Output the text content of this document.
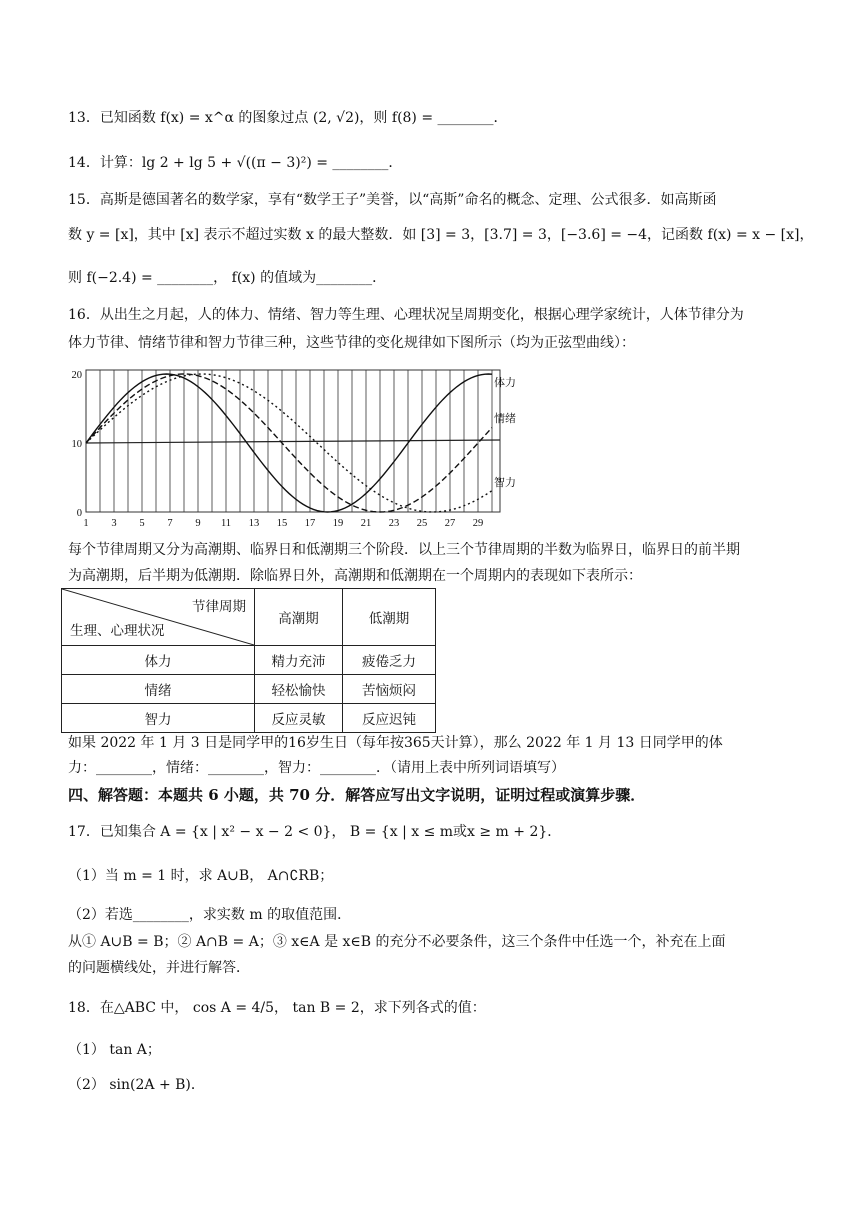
13．已知函数 f(x) = x^α 的图象过点 (2, √2)，则 f(8) = ________．
14．计算：lg 2 + lg 5 + √((π − 3)²) = ________．
15．高斯是德国著名的数学家，享有“数学王子”美誉，以“高斯”命名的概念、定理、公式很多．如高斯函
数 y = [x]，其中 [x] 表示不超过实数 x 的最大整数．如 [3] = 3，[3.7] = 3，[−3.6] = −4，记函数 f(x) = x − [x]，
则 f(−2.4) = ________， f(x) 的值域为________．
16．从出生之月起，人的体力、情绪、智力等生理、心理状况呈周期变化，根据心理学家统计，人体节律分为
体力节律、情绪节律和智力节律三种，这些节律的变化规律如下图所示（均为正弦型曲线）：
1 3 5 7 9 11 13 15 17 19 21 23 25 27 29
0
10
20
体力
情绪
智力
每个节律周期又分为高潮期、临界日和低潮期三个阶段．以上三个节律周期的半数为临界日，临界日的前半期
为高潮期，后半期为低潮期．除临界日外，高潮期和低潮期在一个周期内的表现如下表所示：
节律周期
生理、心理状况	高潮期	低潮期
体力	精力充沛	疲倦乏力
情绪	轻松愉快	苦恼烦闷
智力	反应灵敏	反应迟钝
如果 2022 年 1 月 3 日是同学甲的16岁生日（每年按365天计算），那么 2022 年 1 月 13 日同学甲的体
力：________，情绪：________，智力：________．（请用上表中所列词语填写）
四、解答题：本题共 6 小题，共 70 分．解答应写出文字说明，证明过程或演算步骤．
17．已知集合 A = {x | x² − x − 2 < 0}， B = {x | x ≤ m或x ≥ m + 2}．
（1）当 m = 1 时，求 A∪B， A∩∁RB；
（2）若选________，求实数 m 的取值范围．
从① A∪B = B；② A∩B = A；③ x∈A 是 x∈B 的充分不必要条件，这三个条件中任选一个，补充在上面
的问题横线处，并进行解答．
18．在△ABC 中， cos A = 4/5， tan B = 2，求下列各式的值：
（1） tan A；
（2） sin(2A + B)．
